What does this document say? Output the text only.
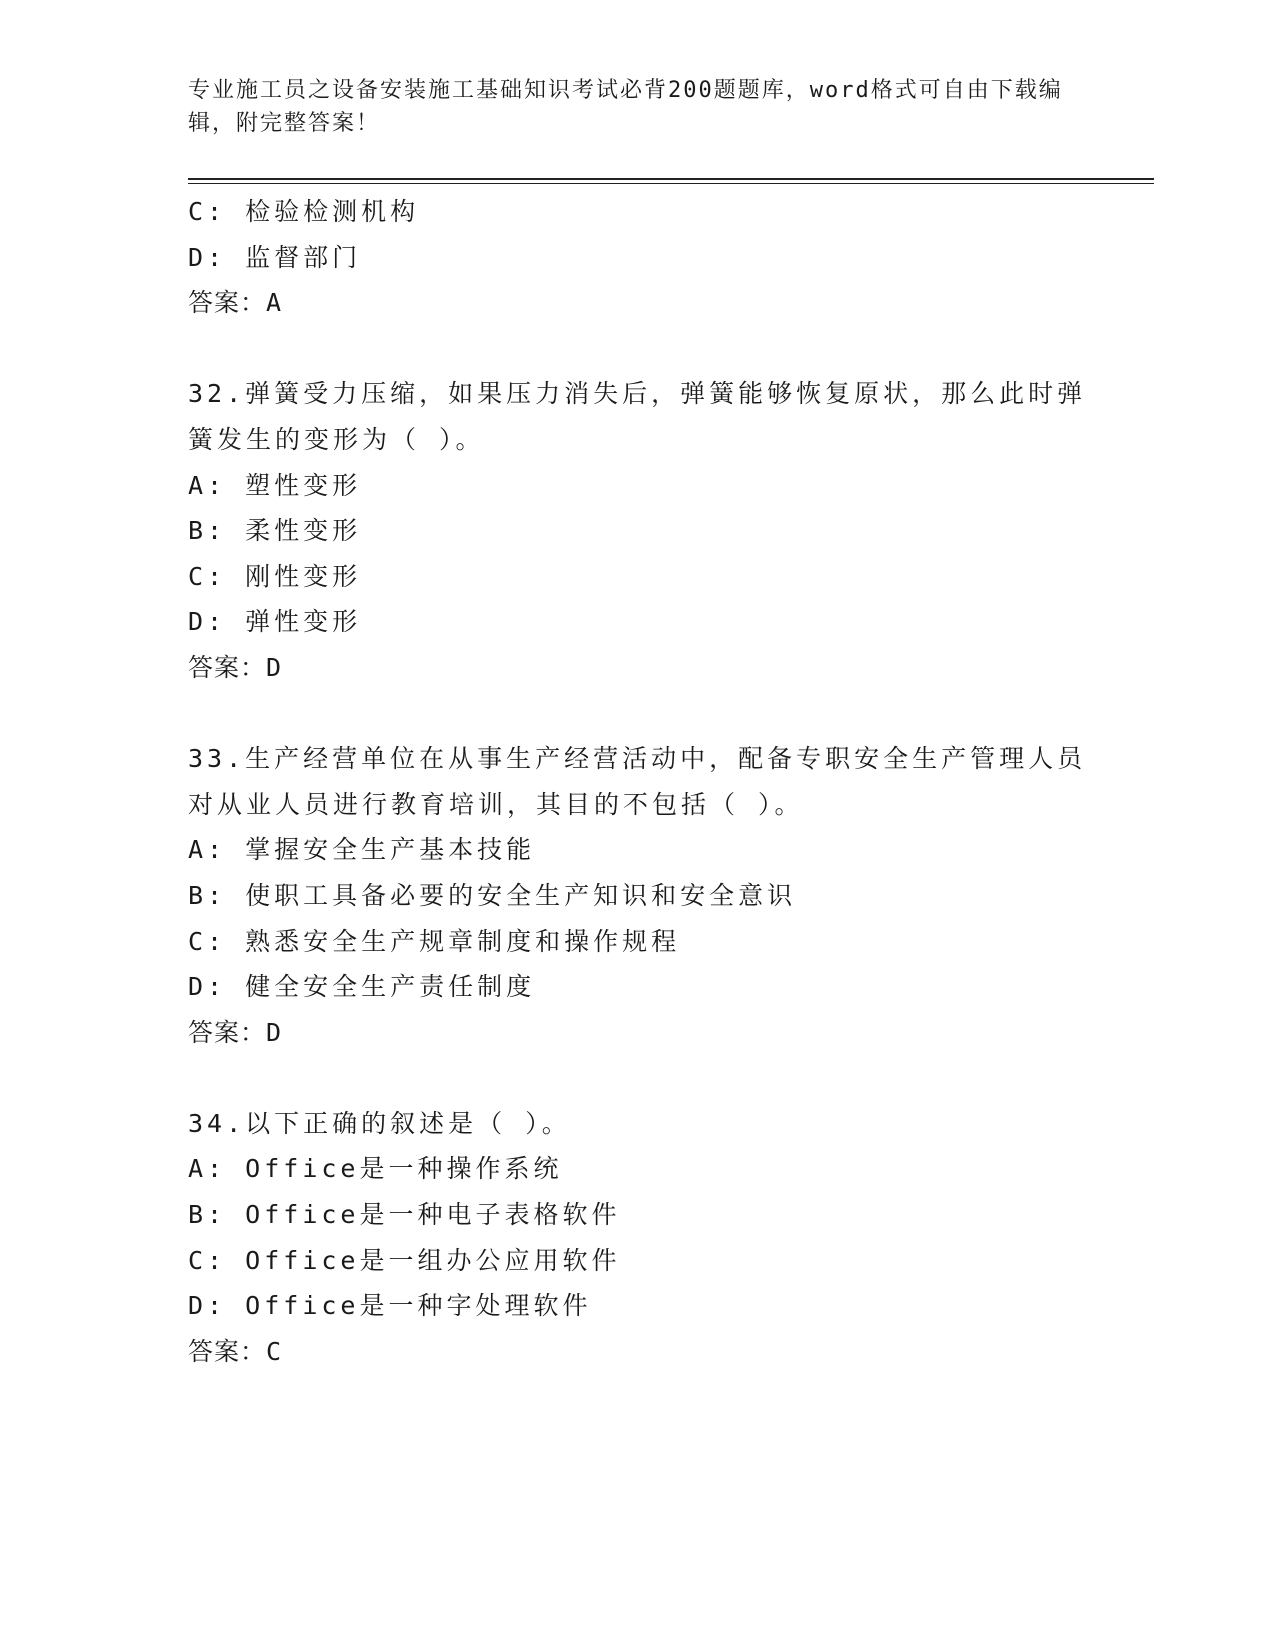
专业施工员之设备安装施工基础知识考试必背200题题库，word格式可自由下载编辑，附完整答案！

C: 检验检测机构

D: 监督部门

答案：A

32.弹簧受力压缩，如果压力消失后，弹簧能够恢复原状，那么此时弹

簧发生的变形为（ ）。

A: 塑性变形

B: 柔性变形

C: 刚性变形

D: 弹性变形

答案：D

33.生产经营单位在从事生产经营活动中，配备专职安全生产管理人员

对从业人员进行教育培训，其目的不包括（ ）。

A: 掌握安全生产基本技能

B: 使职工具备必要的安全生产知识和安全意识

C: 熟悉安全生产规章制度和操作规程

D: 健全安全生产责任制度

答案：D

34.以下正确的叙述是（ ）。

A: Office是一种操作系统

B: Office是一种电子表格软件

C: Office是一组办公应用软件

D: Office是一种字处理软件

答案：C
